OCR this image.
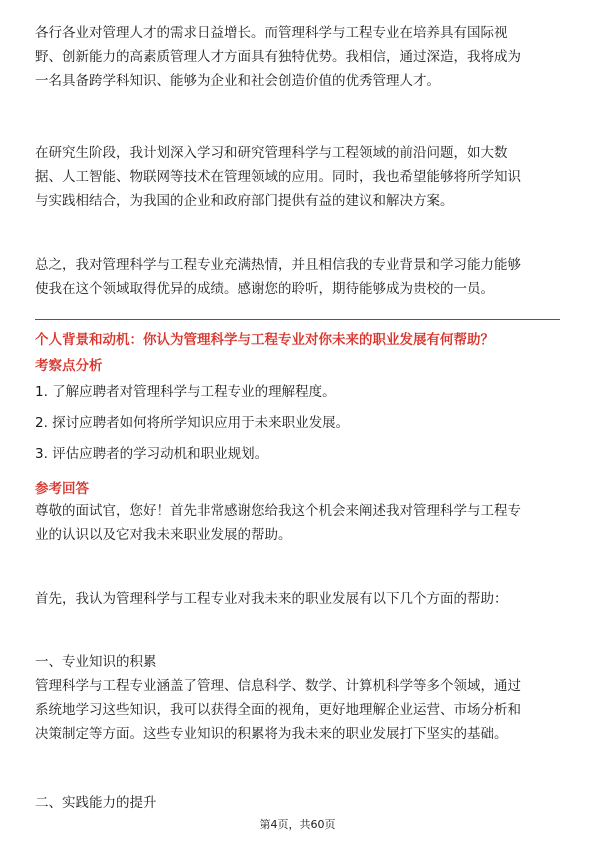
各行各业对管理人才的需求日益增长。而管理科学与工程专业在培养具有国际视
野、创新能力的高素质管理人才方面具有独特优势。我相信，通过深造，我将成为
一名具备跨学科知识、能够为企业和社会创造价值的优秀管理人才。
在研究生阶段，我计划深入学习和研究管理科学与工程领域的前沿问题，如大数
据、人工智能、物联网等技术在管理领域的应用。同时，我也希望能够将所学知识
与实践相结合，为我国的企业和政府部门提供有益的建议和解决方案。
总之，我对管理科学与工程专业充满热情，并且相信我的专业背景和学习能力能够
使我在这个领域取得优异的成绩。感谢您的聆听，期待能够成为贵校的一员。
个人背景和动机：你认为管理科学与工程专业对你未来的职业发展有何帮助？
考察点分析
1. 了解应聘者对管理科学与工程专业的理解程度。
2. 探讨应聘者如何将所学知识应用于未来职业发展。
3. 评估应聘者的学习动机和职业规划。
参考回答
尊敬的面试官，您好！首先非常感谢您给我这个机会来阐述我对管理科学与工程专
业的认识以及它对我未来职业发展的帮助。
首先，我认为管理科学与工程专业对我未来的职业发展有以下几个方面的帮助：
一、专业知识的积累
管理科学与工程专业涵盖了管理、信息科学、数学、计算机科学等多个领域，通过
系统地学习这些知识，我可以获得全面的视角，更好地理解企业运营、市场分析和
决策制定等方面。这些专业知识的积累将为我未来的职业发展打下坚实的基础。
二、实践能力的提升
第4页，共60页
